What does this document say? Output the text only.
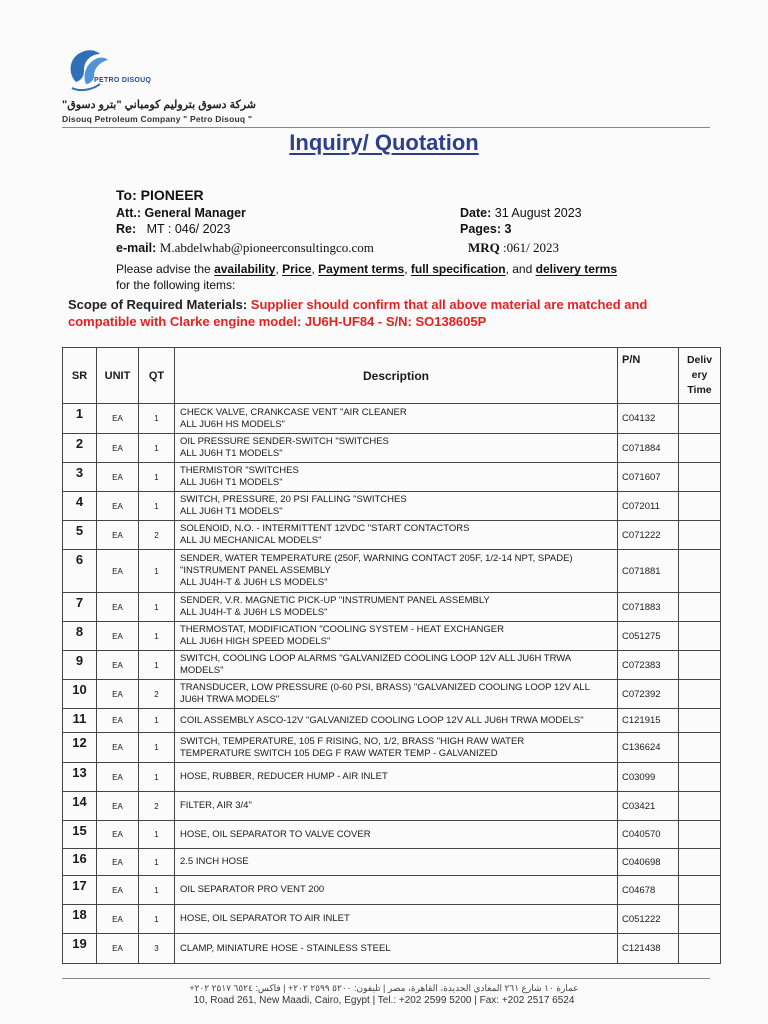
PETRO DISOUQ
شركة دسوق بتروليم كومباني "بترو دسوق"
Disouq Petroleum Company " Petro Disouq "
Inquiry/ Quotation
To: PIONEER
Att.: General Manager
Re: MT : 046/ 2023
e-mail: M.abdelwhab@pioneerconsultingco.com
Date: 31 August 2023
Pages: 3
MRQ :061/ 2023
Please advise the availability, Price, Payment terms, full specification, and delivery terms
for the following items:
Scope of Required Materials: Supplier should confirm that all above material are matched and compatible with Clarke engine model: JU6H-UF84 - S/N: SO138605P
SR	UNIT	QT	Description	P/N	Deliv
ery
Time
1	EA	1	CHECK VALVE, CRANKCASE VENT "AIR CLEANER
ALL JU6H HS MODELS"	C04132	
2	EA	1	OIL PRESSURE SENDER-SWITCH "SWITCHES
ALL JU6H T1 MODELS"	C071884	
3	EA	1	THERMISTOR "SWITCHES
ALL JU6H T1 MODELS"	C071607	
4	EA	1	SWITCH, PRESSURE, 20 PSI FALLING "SWITCHES
ALL JU6H T1 MODELS"	C072011	
5	EA	2	SOLENOID, N.O. - INTERMITTENT 12VDC "START CONTACTORS
ALL JU MECHANICAL MODELS"	C071222	
6	EA	1	SENDER, WATER TEMPERATURE (250F, WARNING CONTACT 205F, 1/2-14 NPT, SPADE)
"INSTRUMENT PANEL ASSEMBLY
ALL JU4H-T & JU6H LS MODELS"	C071881	
7	EA	1	SENDER, V.R. MAGNETIC PICK-UP "INSTRUMENT PANEL ASSEMBLY
ALL JU4H-T & JU6H LS MODELS"	C071883	
8	EA	1	THERMOSTAT, MODIFICATION "COOLING SYSTEM - HEAT EXCHANGER
ALL JU6H HIGH SPEED MODELS"	C051275	
9	EA	1	SWITCH, COOLING LOOP ALARMS "GALVANIZED COOLING LOOP 12V ALL JU6H TRWA
MODELS"	C072383	
10	EA	2	TRANSDUCER, LOW PRESSURE (0-60 PSI, BRASS) "GALVANIZED COOLING LOOP 12V ALL
JU6H TRWA MODELS"	C072392	
11	EA	1	COIL ASSEMBLY ASCO-12V "GALVANIZED COOLING LOOP 12V ALL JU6H TRWA MODELS"	C121915	
12	EA	1	SWITCH, TEMPERATURE, 105 F RISING, NO, 1/2, BRASS "HIGH RAW WATER
TEMPERATURE SWITCH 105 DEG F RAW WATER TEMP - GALVANIZED	C136624	
13	EA	1	HOSE, RUBBER, REDUCER HUMP - AIR INLET	C03099	
14	EA	2	FILTER, AIR 3/4"	C03421	
15	EA	1	HOSE, OIL SEPARATOR TO VALVE COVER	C040570	
16	EA	1	2.5 INCH HOSE	C040698	
17	EA	1	OIL SEPARATOR PRO VENT 200	C04678	
18	EA	1	HOSE, OIL SEPARATOR TO AIR INLET	C051222	
19	EA	3	CLAMP, MINIATURE HOSE - STAINLESS STEEL	C121438	
عمارة ١٠ شارع ٢٦١ المعادي الجديدة، القاهرة، مصر | تليفون: ٥٢٠٠ ٢٥٩٩ ٢٠٢+ | فاكس: ٦٥٢٤ ٢٥١٧ ٢٠٢+
10, Road 261, New Maadi, Cairo, Egypt | Tel.: +202 2599 5200 | Fax: +202 2517 6524
